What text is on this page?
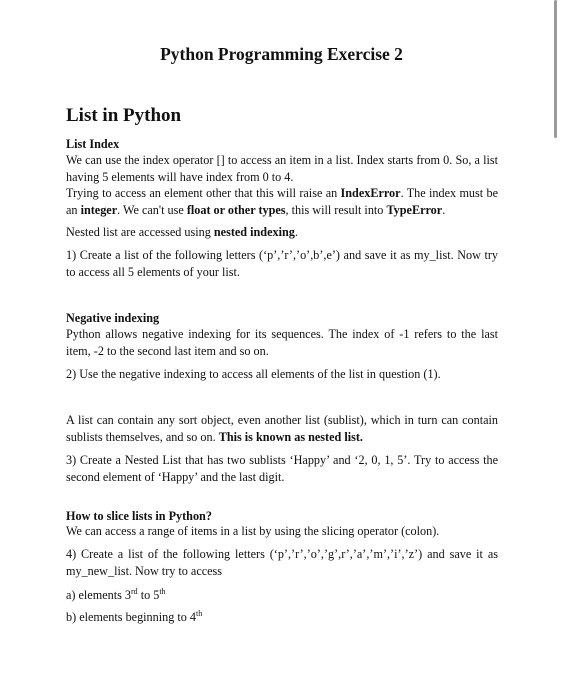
Python Programming Exercise 2
List in Python

List Index

We can use the index operator [] to access an item in a list. Index starts from 0. So, a list having 5 elements will have index from 0 to 4.

Trying to access an element other that this will raise an IndexError. The index must be an integer. We can't use float or other types, this will result into TypeError.

Nested list are accessed using nested indexing.

1) Create a list of the following letters (‘p’,’r’,’o’,b’,e’) and save it as my_list. Now try to access all 5 elements of your list.

Negative indexing

Python allows negative indexing for its sequences. The index of -1 refers to the last item, -2 to the second last item and so on.

2) Use the negative indexing to access all elements of the list in question (1).

A list can contain any sort object, even another list (sublist), which in turn can contain sublists themselves, and so on. This is known as nested list.

3) Create a Nested List that has two sublists ‘Happy’ and ‘2, 0, 1, 5’. Try to access the second element of ‘Happy’ and the last digit.

How to slice lists in Python?

We can access a range of items in a list by using the slicing operator (colon).

4) Create a list of the following letters (‘p’,’r’,’o’,’g’,r’,’a’,’m’,’i’,’z’) and save it as my_new_list. Now try to access

a) elements 3rd to 5th

b) elements beginning to 4th
